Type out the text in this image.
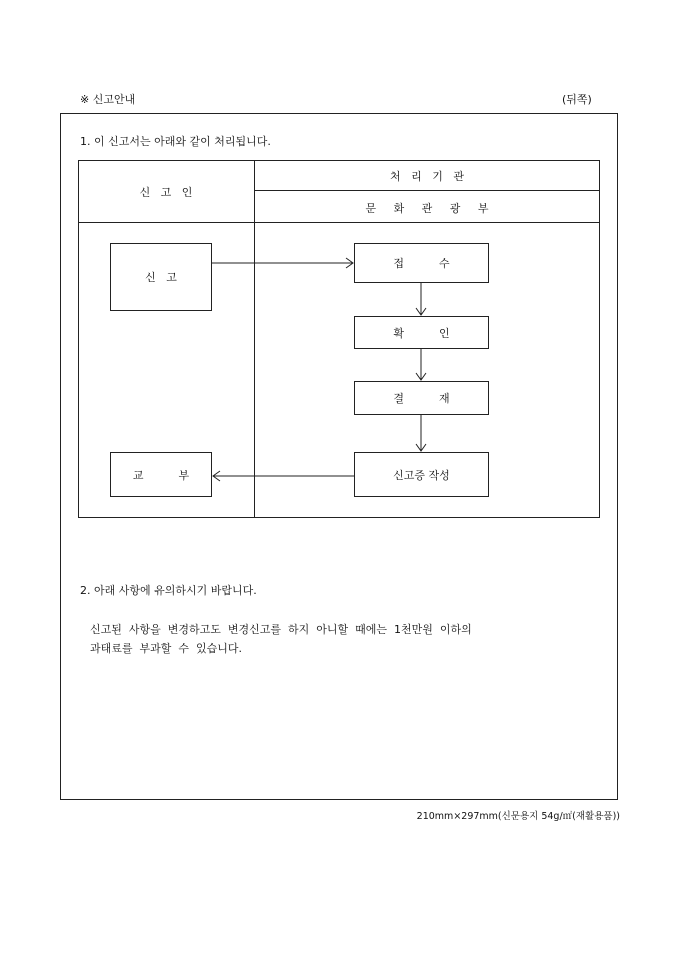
※ 신고안내	(뒤쪽)
1. 이 신고서는 아래와 같이 처리됩니다.
신   고   인
처   리   기   관
문     화     관     광     부
신   고
접          수
확          인
결          재
신고증 작성
교          부
2. 아래 사항에 유의하시기 바랍니다.
신고된  사항을  변경하고도  변경신고를  하지  아니할  때에는  1천만원  이하의
과태료를  부과할  수  있습니다.
210mm×297mm(신문용지 54g/㎡(재활용품))
